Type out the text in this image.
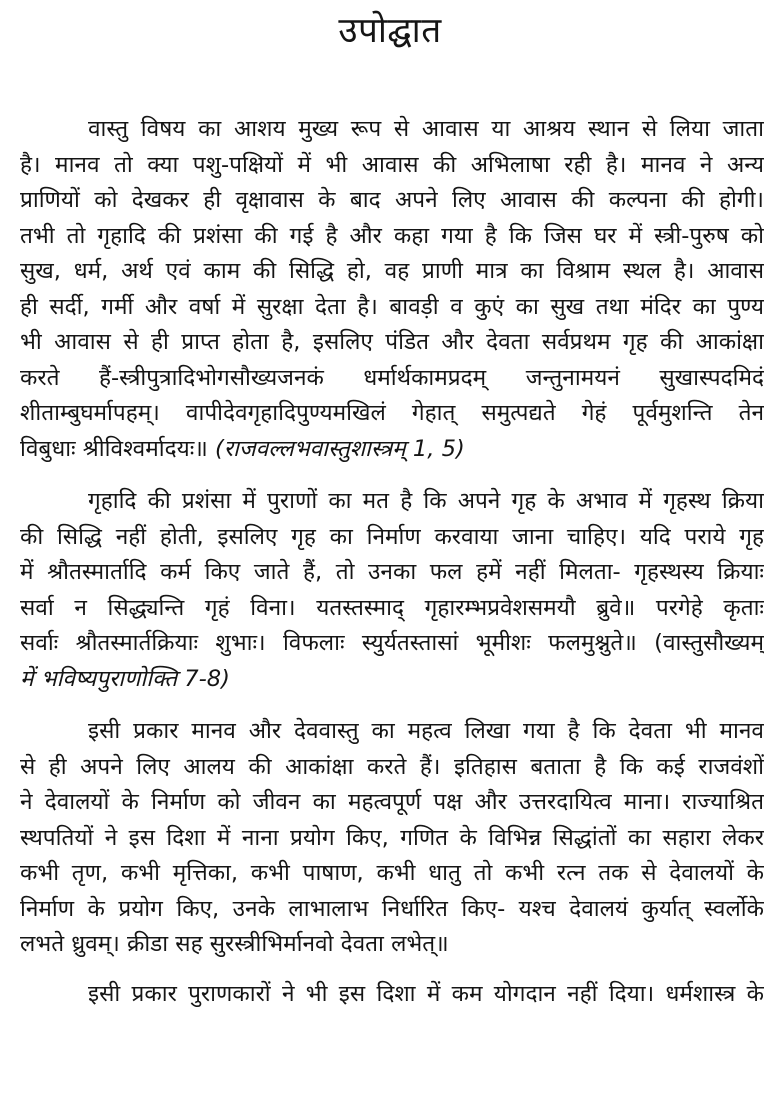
उपोद्घात
वास्तु विषय का आशय मुख्य रूप से आवास या आश्रय स्थान से लिया जाता
है। मानव तो क्या पशु-पक्षियों में भी आवास की अभिलाषा रही है। मानव ने अन्य
प्राणियों को देखकर ही वृक्षावास के बाद अपने लिए आवास की कल्पना की होगी।
तभी तो गृहादि की प्रशंसा की गई है और कहा गया है कि जिस घर में स्त्री-पुरुष को
सुख, धर्म, अर्थ एवं काम की सिद्धि हो, वह प्राणी मात्र का विश्राम स्थल है। आवास
ही सर्दी, गर्मी और वर्षा में सुरक्षा देता है। बावड़ी व कुएं का सुख तथा मंदिर का पुण्य
भी आवास से ही प्राप्त होता है, इसलिए पंडित और देवता सर्वप्रथम गृह की आकांक्षा
करते हैं-स्त्रीपुत्रादिभोगसौख्यजनकं धर्मार्थकामप्रदम् जन्तुनामयनं सुखास्पदमिदं
शीताम्बुघर्मापहम्। वापीदेवगृहादिपुण्यमखिलं गेहात् समुत्पद्यते गेहं पूर्वमुशन्ति तेन
विबुधाः श्रीविश्वर्मादयः॥ (राजवल्लभवास्तुशास्त्रम् 1, 5)
गृहादि की प्रशंसा में पुराणों का मत है कि अपने गृह के अभाव में गृहस्थ क्रिया
की सिद्धि नहीं होती, इसलिए गृह का निर्माण करवाया जाना चाहिए। यदि पराये गृह
में श्रौतस्मार्तादि कर्म किए जाते हैं, तो उनका फल हमें नहीं मिलता- गृहस्थस्य क्रियाः
सर्वा न सिद्ध्यन्ति गृहं विना। यतस्तस्माद् गृहारम्भप्रवेशसमयौ ब्रुवे॥ परगेहे कृताः
सर्वाः श्रौतस्मार्तक्रियाः शुभाः। विफलाः स्युर्यतस्तासां भूमीशः फलमुश्नुते॥ (वास्तुसौख्यम्
में भविष्यपुराणोक्ति 7-8)
इसी प्रकार मानव और देववास्तु का महत्व लिखा गया है कि देवता भी मानव
से ही अपने लिए आलय की आकांक्षा करते हैं। इतिहास बताता है कि कई राजवंशों
ने देवालयों के निर्माण को जीवन का महत्वपूर्ण पक्ष और उत्तरदायित्व माना। राज्याश्रित
स्थपतियों ने इस दिशा में नाना प्रयोग किए, गणित के विभिन्न सिद्धांतों का सहारा लेकर
कभी तृण, कभी मृत्तिका, कभी पाषाण, कभी धातु तो कभी रत्न तक से देवालयों के
निर्माण के प्रयोग किए, उनके लाभालाभ निर्धारित किए- यश्च देवालयं कुर्यात् स्वर्लोके
लभते ध्रुवम्। क्रीडा सह सुरस्त्रीभिर्मानवो देवता लभेत्॥
इसी प्रकार पुराणकारों ने भी इस दिशा में कम योगदान नहीं दिया। धर्मशास्त्र के
